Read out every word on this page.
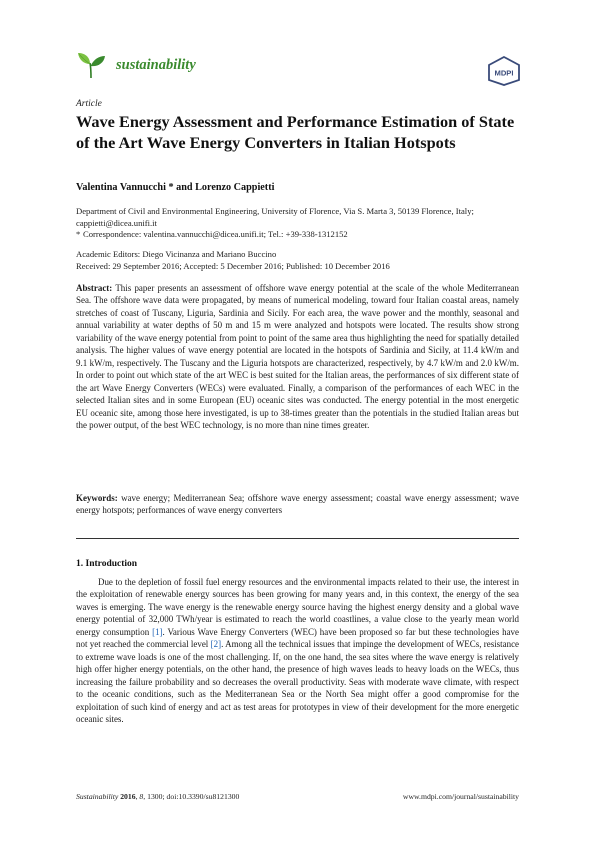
sustainability	MDPI
Article
Wave Energy Assessment and Performance Estimation of State of the Art Wave Energy Converters in Italian Hotspots
Valentina Vannucchi * and Lorenzo Cappietti
Department of Civil and Environmental Engineering, University of Florence, Via S. Marta 3, 50139 Florence, Italy; cappietti@dicea.unifi.it
* Correspondence: valentina.vannucchi@dicea.unifi.it; Tel.: +39-338-1312152
Academic Editors: Diego Vicinanza and Mariano Buccino
Received: 29 September 2016; Accepted: 5 December 2016; Published: 10 December 2016
Abstract: This paper presents an assessment of offshore wave energy potential at the scale of the whole Mediterranean Sea. The offshore wave data were propagated, by means of numerical modeling, toward four Italian coastal areas, namely stretches of coast of Tuscany, Liguria, Sardinia and Sicily. For each area, the wave power and the monthly, seasonal and annual variability at water depths of 50 m and 15 m were analyzed and hotspots were located. The results show strong variability of the wave energy potential from point to point of the same area thus highlighting the need for spatially detailed analysis. The higher values of wave energy potential are located in the hotspots of Sardinia and Sicily, at 11.4 kW/m and 9.1 kW/m, respectively. The Tuscany and the Liguria hotspots are characterized, respectively, by 4.7 kW/m and 2.0 kW/m. In order to point out which state of the art WEC is best suited for the Italian areas, the performances of six different state of the art Wave Energy Converters (WECs) were evaluated. Finally, a comparison of the performances of each WEC in the selected Italian sites and in some European (EU) oceanic sites was conducted. The energy potential in the most energetic EU oceanic site, among those here investigated, is up to 38-times greater than the potentials in the studied Italian areas but the power output, of the best WEC technology, is no more than nine times greater.
Keywords: wave energy; Mediterranean Sea; offshore wave energy assessment; coastal wave energy assessment; wave energy hotspots; performances of wave energy converters
1. Introduction
Due to the depletion of fossil fuel energy resources and the environmental impacts related to their use, the interest in the exploitation of renewable energy sources has been growing for many years and, in this context, the energy of the sea waves is emerging. The wave energy is the renewable energy source having the highest energy density and a global wave energy potential of 32,000 TWh/year is estimated to reach the world coastlines, a value close to the yearly mean world energy consumption [1]. Various Wave Energy Converters (WEC) have been proposed so far but these technologies have not yet reached the commercial level [2]. Among all the technical issues that impinge the development of WECs, resistance to extreme wave loads is one of the most challenging. If, on the one hand, the sea sites where the wave energy is relatively high offer higher energy potentials, on the other hand, the presence of high waves leads to heavy loads on the WECs, thus increasing the failure probability and so decreases the overall productivity. Seas with moderate wave climate, with respect to the oceanic conditions, such as the Mediterranean Sea or the North Sea might offer a good compromise for the exploitation of such kind of energy and act as test areas for prototypes in view of their development for the more energetic oceanic sites.
Sustainability 2016, 8, 1300; doi:10.3390/su8121300	www.mdpi.com/journal/sustainability
